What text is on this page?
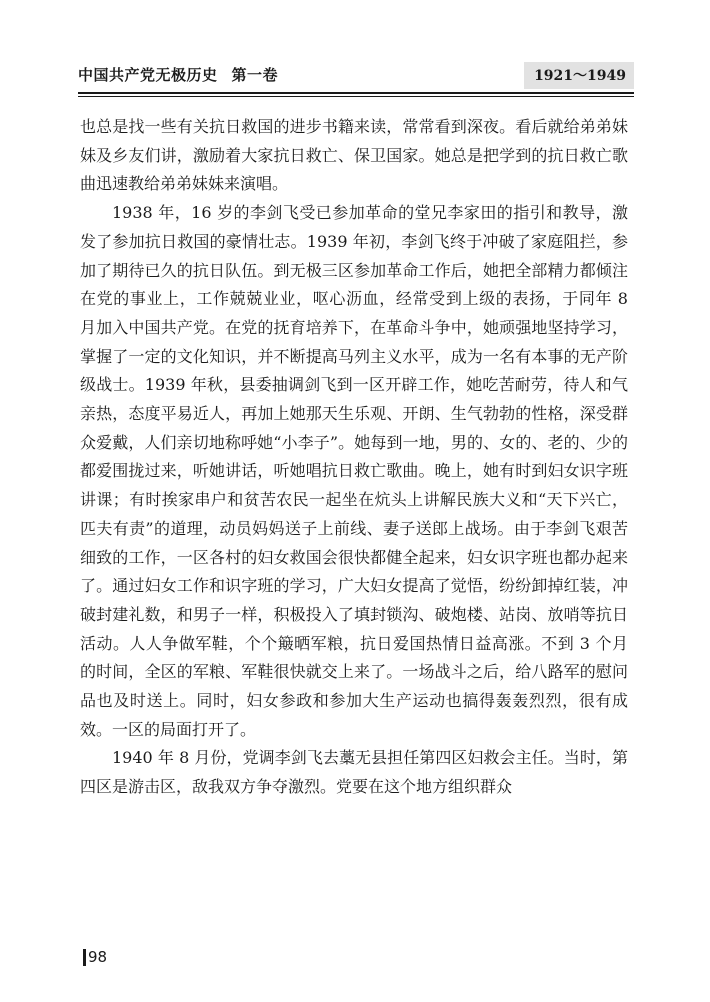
中国共产党无极历史 第一卷	1921～1949

也总是找一些有关抗日救国的进步书籍来读，常常看到深夜。看后就给弟弟妹妹及乡友们讲，激励着大家抗日救亡、保卫国家。她总是把学到的抗日救亡歌曲迅速教给弟弟妹妹来演唱。

1938 年，16 岁的李剑飞受已参加革命的堂兄李家田的指引和教导，激发了参加抗日救国的豪情壮志。1939 年初，李剑飞终于冲破了家庭阻拦，参加了期待已久的抗日队伍。到无极三区参加革命工作后，她把全部精力都倾注在党的事业上，工作兢兢业业，呕心沥血，经常受到上级的表扬，于同年 8 月加入中国共产党。在党的抚育培养下，在革命斗争中，她顽强地坚持学习，掌握了一定的文化知识，并不断提高马列主义水平，成为一名有本事的无产阶级战士。1939 年秋，县委抽调剑飞到一区开辟工作，她吃苦耐劳，待人和气亲热，态度平易近人，再加上她那天生乐观、开朗、生气勃勃的性格，深受群众爱戴，人们亲切地称呼她“小李子”。她每到一地，男的、女的、老的、少的都爱围拢过来，听她讲话，听她唱抗日救亡歌曲。晚上，她有时到妇女识字班讲课；有时挨家串户和贫苦农民一起坐在炕头上讲解民族大义和“天下兴亡，匹夫有责”的道理，动员妈妈送子上前线、妻子送郎上战场。由于李剑飞艰苦细致的工作，一区各村的妇女救国会很快都健全起来，妇女识字班也都办起来了。通过妇女工作和识字班的学习，广大妇女提高了觉悟，纷纷卸掉红装，冲破封建礼数，和男子一样，积极投入了填封锁沟、破炮楼、站岗、放哨等抗日活动。人人争做军鞋，个个簸晒军粮，抗日爱国热情日益高涨。不到 3 个月的时间，全区的军粮、军鞋很快就交上来了。一场战斗之后，给八路军的慰问品也及时送上。同时，妇女参政和参加大生产运动也搞得轰轰烈烈，很有成效。一区的局面打开了。

1940 年 8 月份，党调李剑飞去藁无县担任第四区妇救会主任。当时，第四区是游击区，敌我双方争夺激烈。党要在这个地方组织群众

98
